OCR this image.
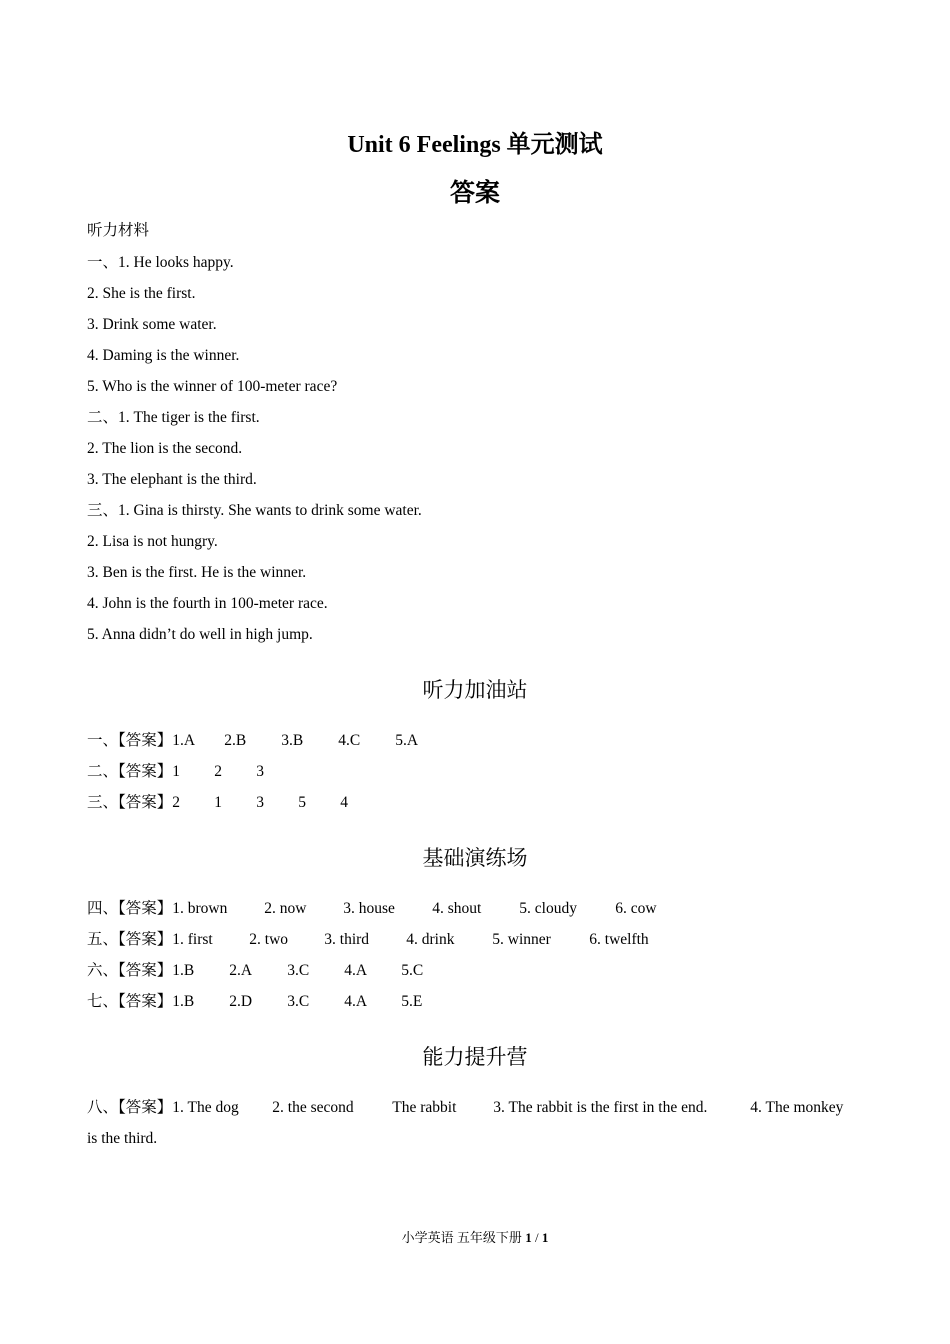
Unit 6 Feelings 单元测试
答案
听力材料
一、1. He looks happy.
2. She is the first.
3. Drink some water.
4. Daming is the winner.
5. Who is the winner of 100-meter race?
二、1. The tiger is the first.
2. The lion is the second.
3. The elephant is the third.
三、1. Gina is thirsty. She wants to drink some water.
2. Lisa is not hungry.
3. Ben is the first. He is the winner.
4. John is the fourth in 100-meter race.
5. Anna didn’t do well in high jump.
听力加油站
一、【答案】1.A 2.B 3.B 4.C 5.A
二、【答案】1 2 3
三、【答案】2 1 3 5 4
基础演练场
四、【答案】1. brown 2. now 3. house 4. shout 5. cloudy 6. cow
五、【答案】1. first 2. two 3. third 4. drink 5. winner 6. twelfth
六、【答案】1.B 2.A 3.C 4.A 5.C
七、【答案】1.B 2.D 3.C 4.A 5.E
能力提升营
八、【答案】1. The dog 2. the second The rabbit 3. The rabbit is the first in the end.	4. The monkey
is the third.
小学英语 五年级下册 1 / 1
